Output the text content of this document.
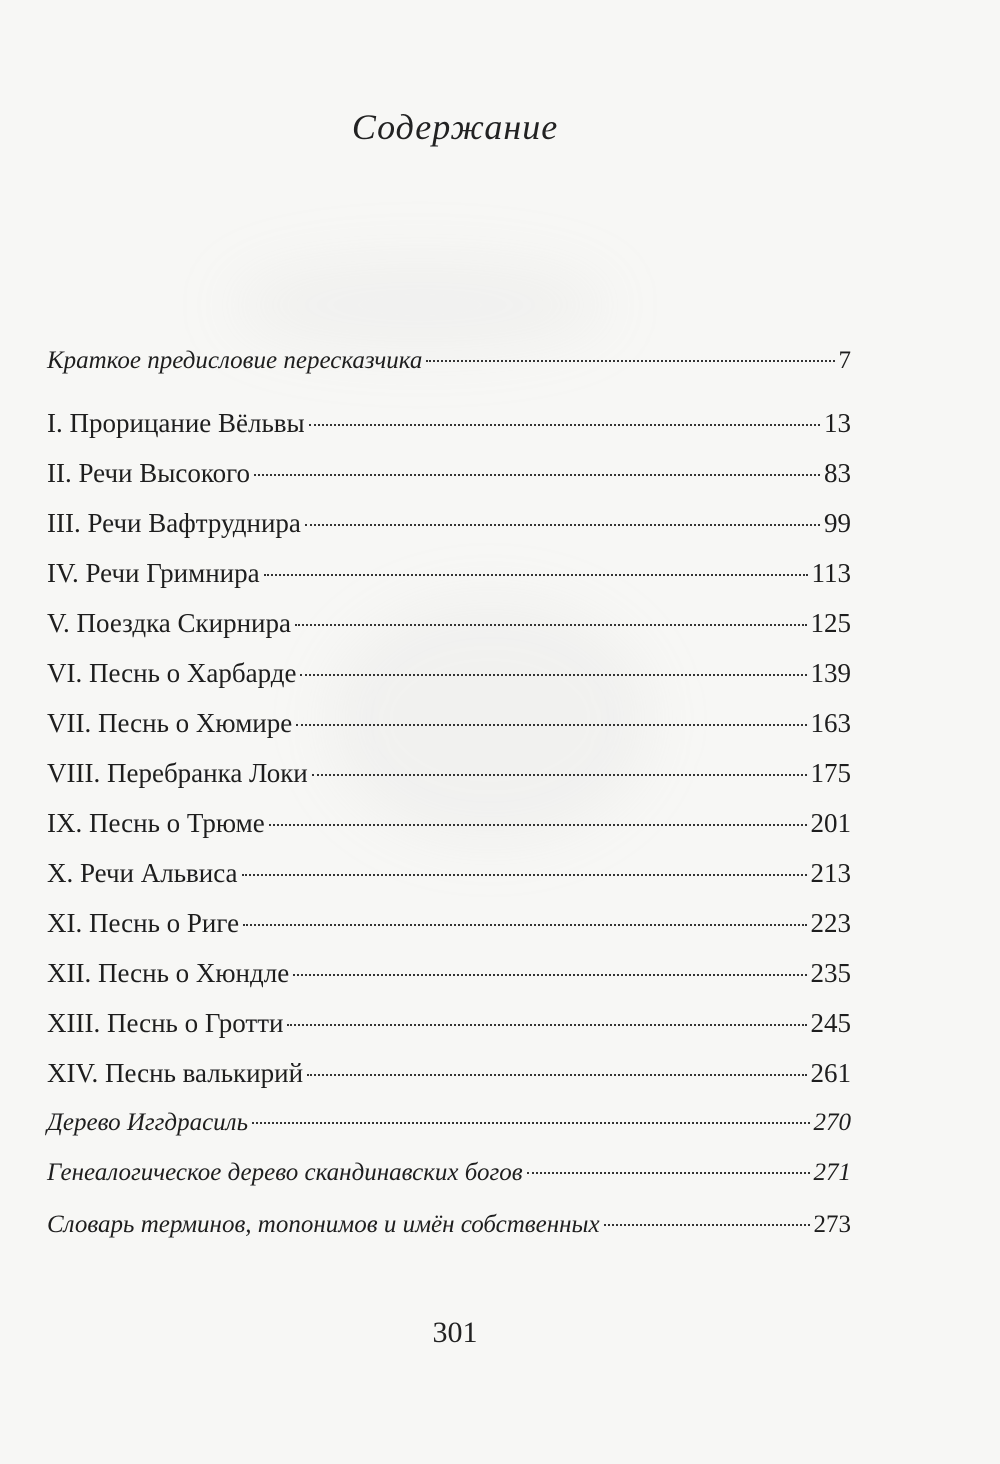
Содержание
Краткое предисловие пересказчика	7
I. Прорицание Вёльвы	13
II. Речи Высокого	83
III. Речи Вафтруднира	99
IV. Речи Гримнира	113
V. Поездка Скирнира	125
VI. Песнь о Харбарде	139
VII. Песнь о Хюмире	163
VIII. Перебранка Локи	175
IX. Песнь о Трюме	201
X. Речи Альвиса	213
XI. Песнь о Риге	223
XII. Песнь о Хюндле	235
XIII. Песнь о Гротти	245
XIV. Песнь валькирий	261
Дерево Иггдрасиль	270
Генеалогическое дерево скандинавских богов	271
Словарь терминов, топонимов и имён собственных	273
301
